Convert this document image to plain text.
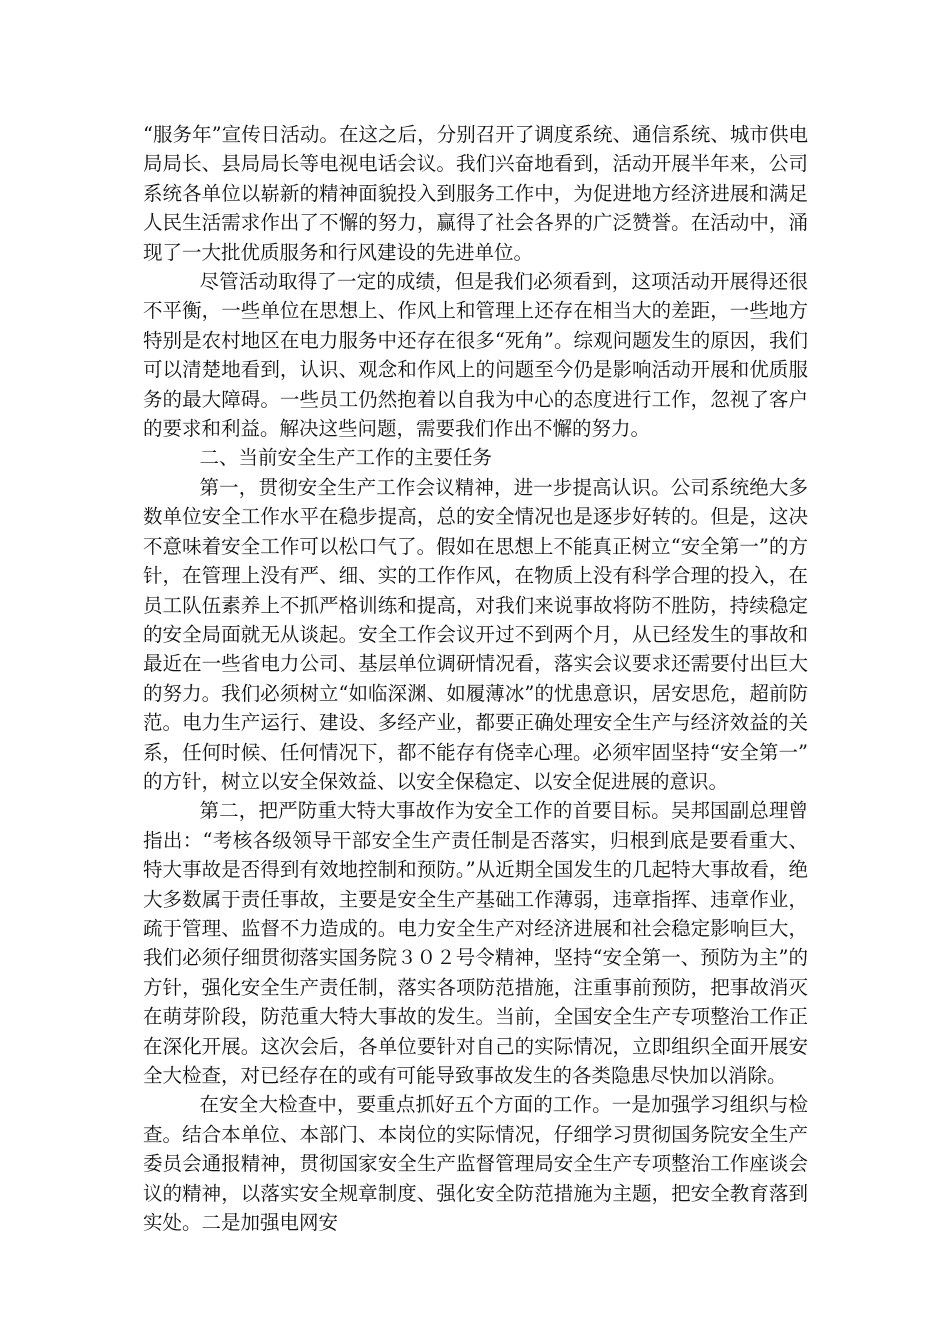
“服务年”宣传日活动。在这之后，分别召开了调度系统、通信系统、城市供电局局长、县局局长等电视电话会议。我们兴奋地看到，活动开展半年来，公司系统各单位以崭新的精神面貌投入到服务工作中，为促进地方经济进展和满足人民生活需求作出了不懈的努力，赢得了社会各界的广泛赞誉。在活动中，涌现了一大批优质服务和行风建设的先进单位。

尽管活动取得了一定的成绩，但是我们必须看到，这项活动开展得还很不平衡，一些单位在思想上、作风上和管理上还存在相当大的差距，一些地方特别是农村地区在电力服务中还存在很多“死角”。综观问题发生的原因，我们可以清楚地看到，认识、观念和作风上的问题至今仍是影响活动开展和优质服务的最大障碍。一些员工仍然抱着以自我为中心的态度进行工作，忽视了客户的要求和利益。解决这些问题，需要我们作出不懈的努力。

二、当前安全生产工作的主要任务

第一，贯彻安全生产工作会议精神，进一步提高认识。公司系统绝大多数单位安全工作水平在稳步提高，总的安全情况也是逐步好转的。但是，这决不意味着安全工作可以松口气了。假如在思想上不能真正树立“安全第一”的方针，在管理上没有严、细、实的工作作风，在物质上没有科学合理的投入，在员工队伍素养上不抓严格训练和提高，对我们来说事故将防不胜防，持续稳定的安全局面就无从谈起。安全工作会议开过不到两个月，从已经发生的事故和最近在一些省电力公司、基层单位调研情况看，落实会议要求还需要付出巨大的努力。我们必须树立“如临深渊、如履薄冰”的忧患意识，居安思危，超前防范。电力生产运行、建设、多经产业，都要正确处理安全生产与经济效益的关系，任何时候、任何情况下，都不能存有侥幸心理。必须牢固坚持“安全第一”的方针，树立以安全保效益、以安全保稳定、以安全促进展的意识。

第二，把严防重大特大事故作为安全工作的首要目标。吴邦国副总理曾指出：“考核各级领导干部安全生产责任制是否落实，归根到底是要看重大、特大事故是否得到有效地控制和预防。”从近期全国发生的几起特大事故看，绝大多数属于责任事故，主要是安全生产基础工作薄弱，违章指挥、违章作业，疏于管理、监督不力造成的。电力安全生产对经济进展和社会稳定影响巨大，我们必须仔细贯彻落实国务院３０２号令精神，坚持“安全第一、预防为主”的方针，强化安全生产责任制，落实各项防范措施，注重事前预防，把事故消灭在萌芽阶段，防范重大特大事故的发生。当前，全国安全生产专项整治工作正在深化开展。这次会后，各单位要针对自己的实际情况，立即组织全面开展安全大检查，对已经存在的或有可能导致事故发生的各类隐患尽快加以消除。

在安全大检查中，要重点抓好五个方面的工作。一是加强学习组织与检查。结合本单位、本部门、本岗位的实际情况，仔细学习贯彻国务院安全生产委员会通报精神，贯彻国家安全生产监督管理局安全生产专项整治工作座谈会议的精神，以落实安全规章制度、强化安全防范措施为主题，把安全教育落到实处。二是加强电网安
